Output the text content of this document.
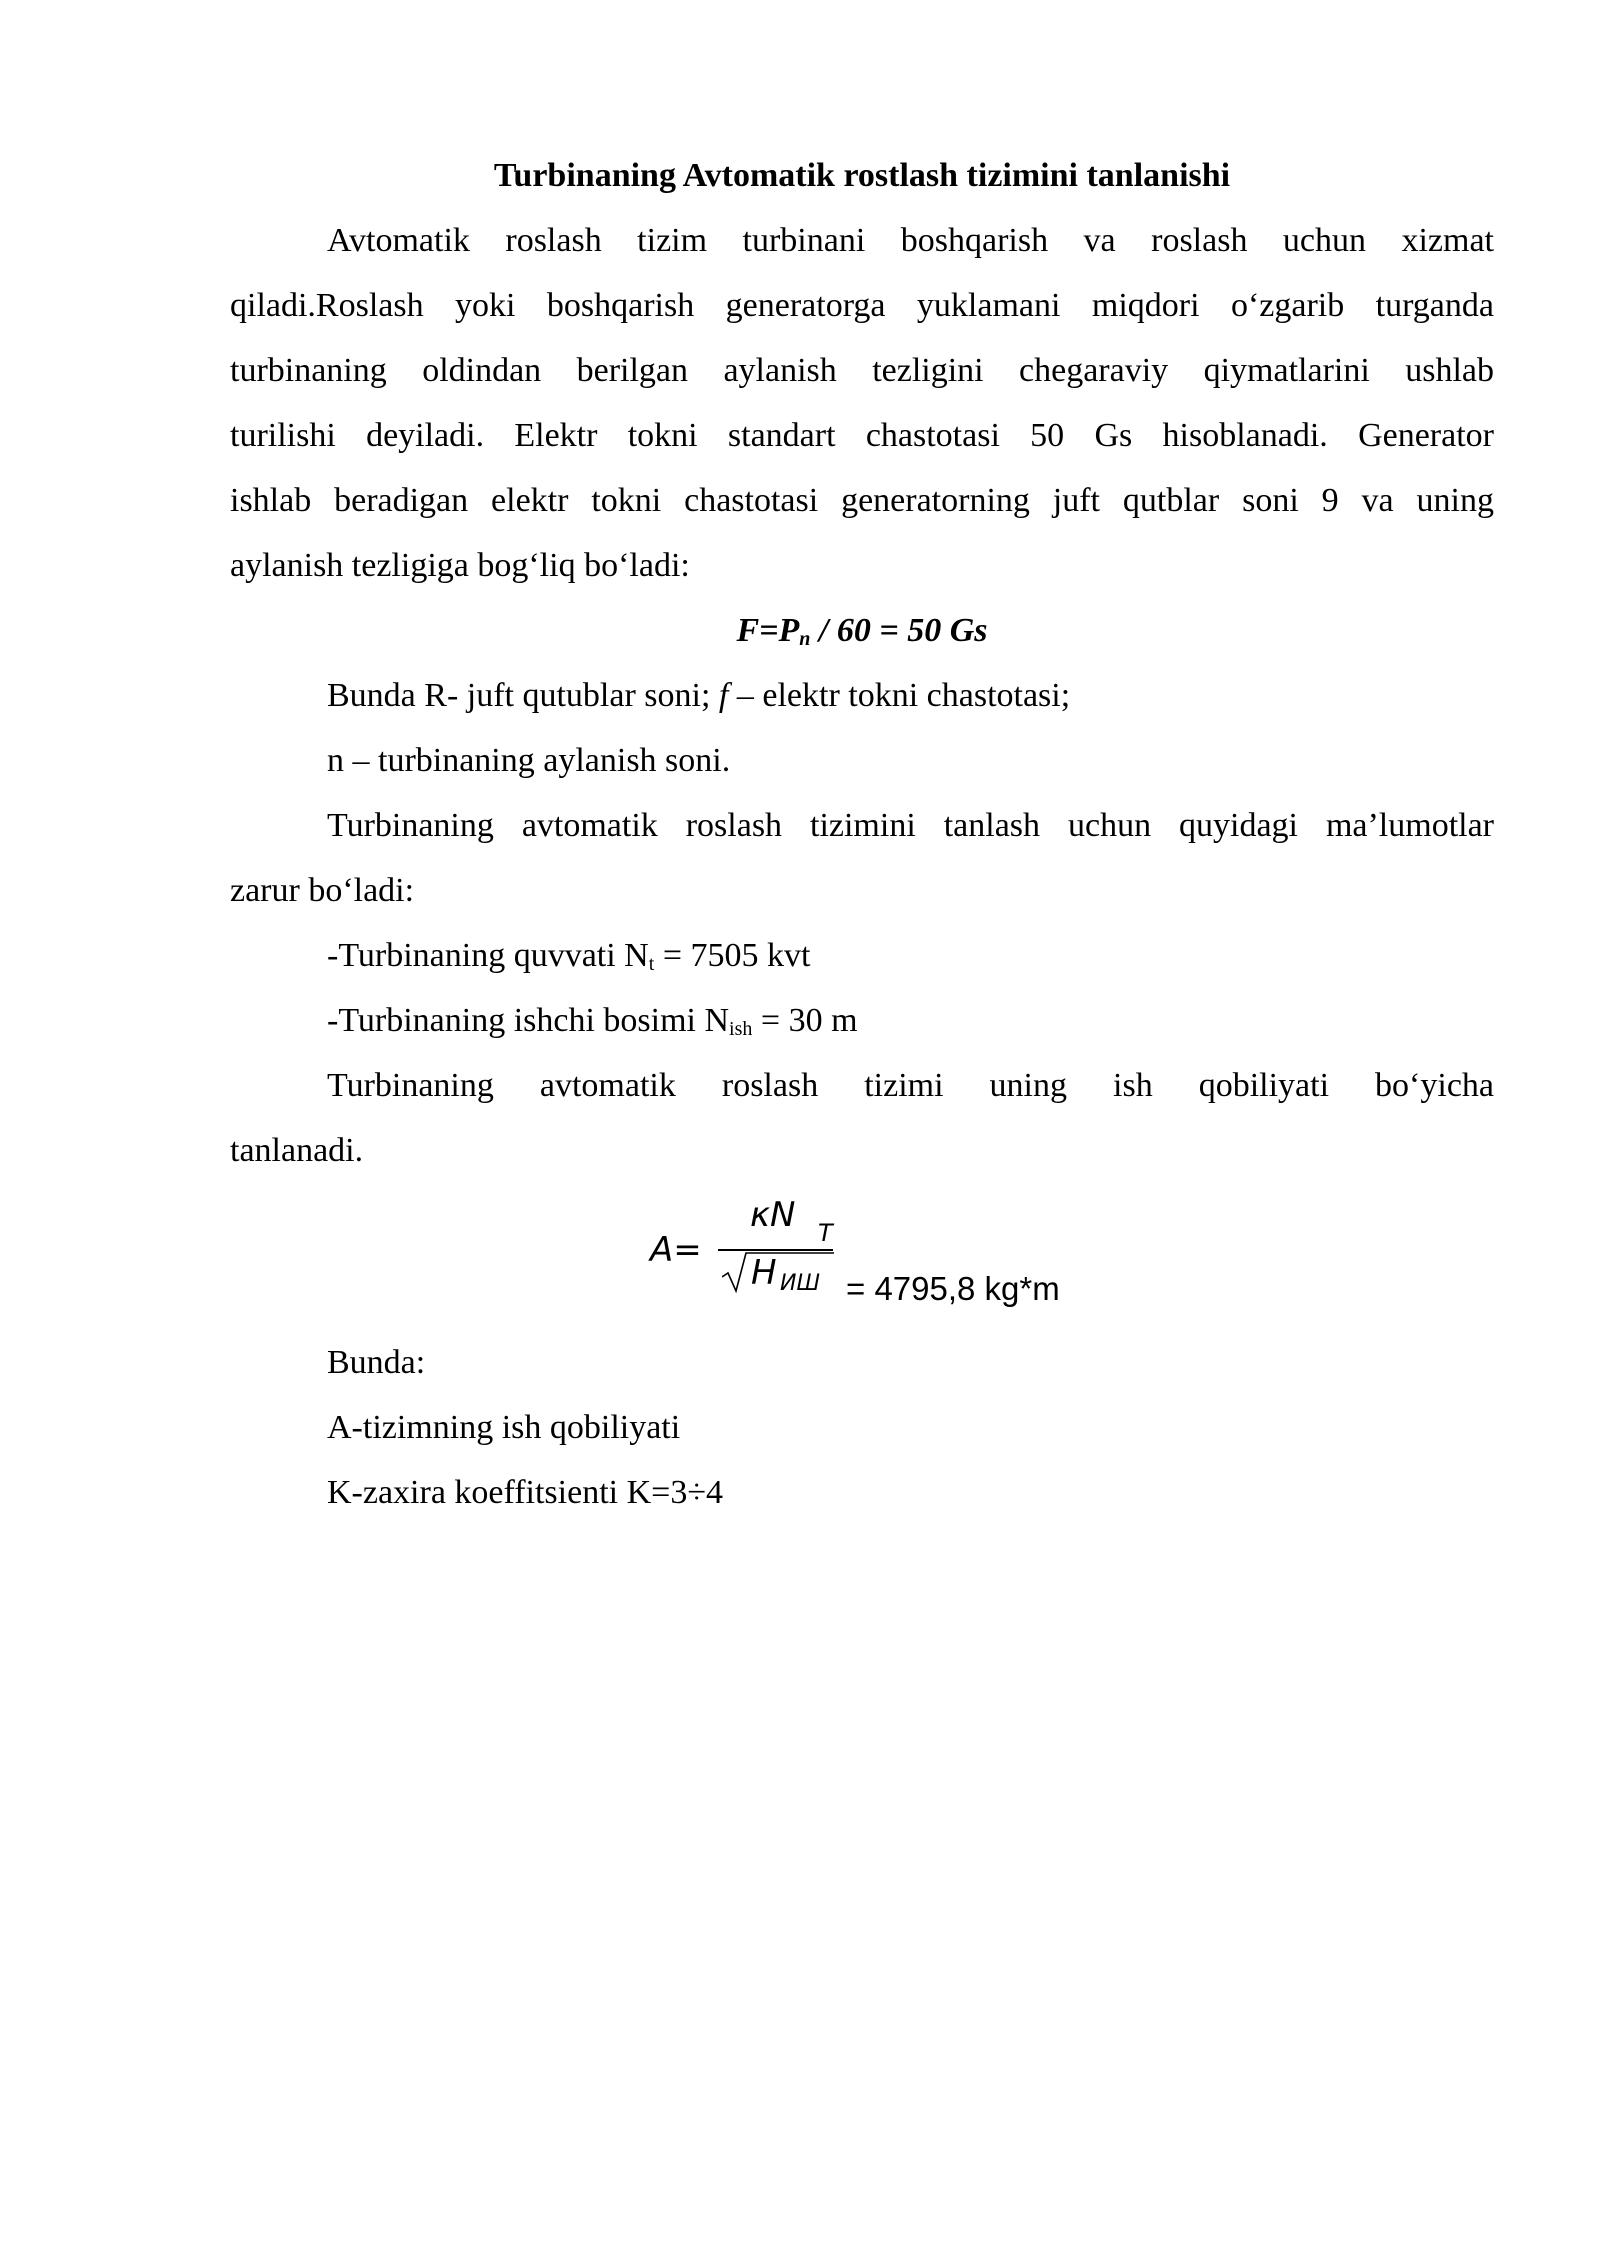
Turbinaning Avtomatik rostlash tizimini tanlanishi
Avtomatik roslash tizim turbinani boshqarish va roslash uchun xizmat
qiladi.Roslash yoki boshqarish generatorga yuklamani miqdori o‘zgarib turganda
turbinaning oldindan berilgan aylanish tezligini chegaraviy qiymatlarini ushlab
turilishi deyiladi. Elektr tokni standart chastotasi 50 Gs hisoblanadi. Generator
ishlab beradigan elektr tokni chastotasi generatorning juft qutblar soni 9 va uning
aylanish tezligiga bog‘liq bo‘ladi:
$F=P_n / 60 = 50$ Gs
Bunda R- juft qutublar soni; f – elektr tokni chastotasi;
n – turbinaning aylanish soni.
Turbinaning avtomatik roslash tizimini tanlash uchun quyidagi ma’lumotlar
zarur bo‘ladi:
-Turbinaning quvvati $N_t = 7505$ kvt
-Turbinaning ishchi bosimi $N_{ish} = 30$ m
Turbinaning avtomatik roslash tizimi uning ish qobiliyati bo‘yicha
tanlanadi.
A=
κN T
H ИШ = 4795,8 kg*m
Bunda:
A-tizimning ish qobiliyati
K-zaxira koeffitsienti K=3÷4
